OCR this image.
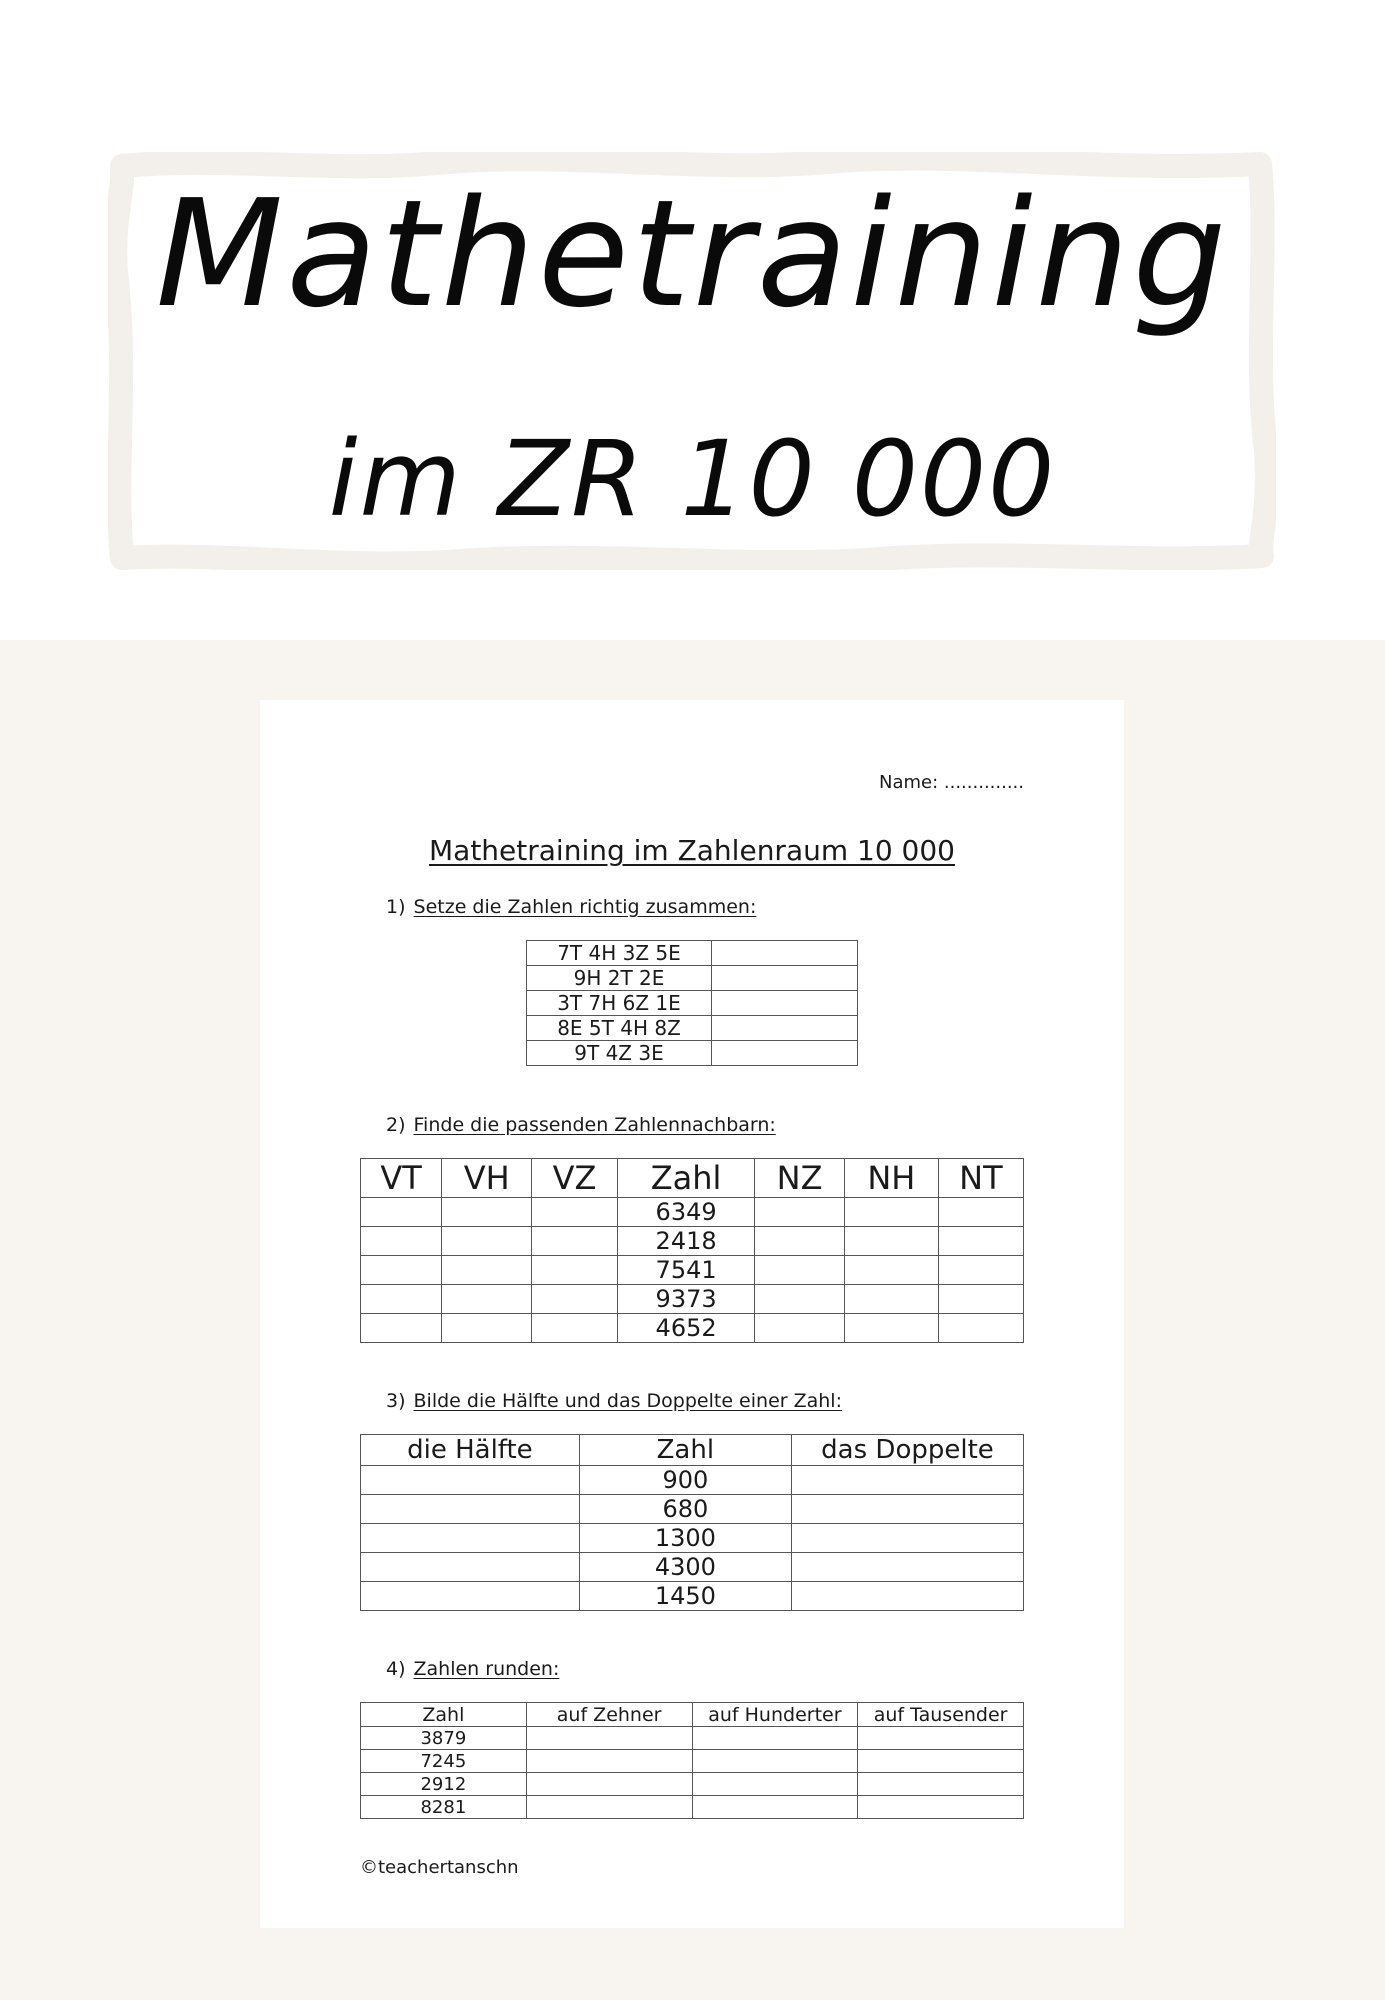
Mathetraining
im ZR 10 000
Name: ..............
Mathetraining im Zahlenraum 10 000
1) Setze die Zahlen richtig zusammen:
7T 4H 3Z 5E	
9H 2T 2E	
3T 7H 6Z 1E	
8E 5T 4H 8Z	
9T 4Z 3E	
2) Finde die passenden Zahlennachbarn:
VT	VH	VZ	Zahl	NZ	NH	NT
			6349			
			2418			
			7541			
			9373			
			4652			
3) Bilde die Hälfte und das Doppelte einer Zahl:
die Hälfte	Zahl	das Doppelte
	900	
	680	
	1300	
	4300	
	1450	
4) Zahlen runden:
Zahl	auf Zehner	auf Hunderter	auf Tausender
3879			
7245			
2912			
8281			
©teachertanschn
